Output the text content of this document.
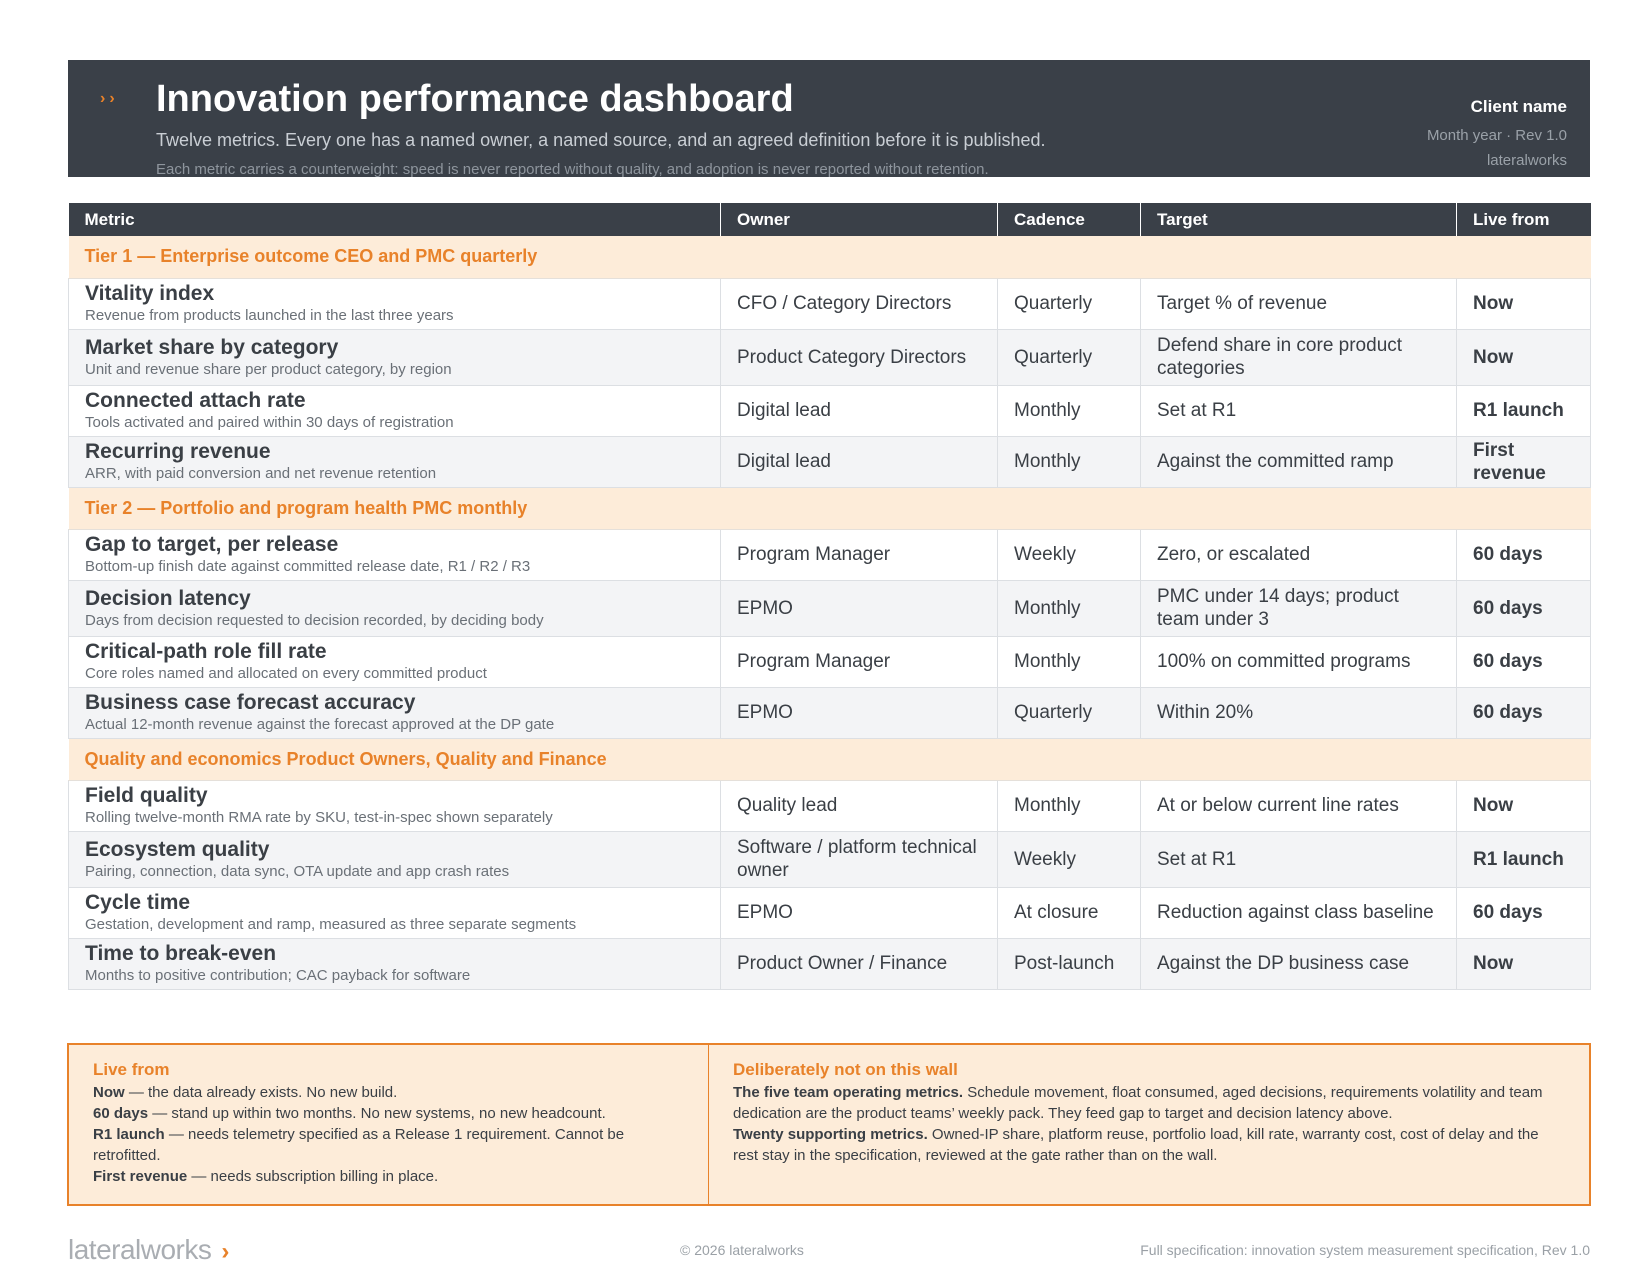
›​› Innovation performance dashboard
Twelve metrics. Every one has a named owner, a named source, and an agreed definition before it is published.
Each metric carries a counterweight: speed is never reported without quality, and adoption is never reported without retention.
Client name
Month year · Rev 1.0
lateralworks
Metric	Owner	Cadence	Target	Live from
Tier 1 — Enterprise outcome CEO and PMC quarterly				

Vitality index
Revenue from products launched in the last three years	CFO / Category Directors	Quarterly	Target % of revenue	Now

Market share by category
Unit and revenue share per product category, by region	Product Category Directors	Quarterly	Defend share in core product categories	Now

Connected attach rate
Tools activated and paired within 30 days of registration	Digital lead	Monthly	Set at R1	R1 launch

Recurring revenue
ARR, with paid conversion and net revenue retention	Digital lead	Monthly	Against the committed ramp	First revenue
Tier 2 — Portfolio and program health PMC monthly				

Gap to target, per release
Bottom-up finish date against committed release date, R1 / R2 / R3	Program Manager	Weekly	Zero, or escalated	60 days

Decision latency
Days from decision requested to decision recorded, by deciding body	EPMO	Monthly	PMC under 14 days; product team under 3	60 days

Critical-path role fill rate
Core roles named and allocated on every committed product	Program Manager	Monthly	100% on committed programs	60 days

Business case forecast accuracy
Actual 12-month revenue against the forecast approved at the DP gate	EPMO	Quarterly	Within 20%	60 days
Quality and economics Product Owners, Quality and Finance				

Field quality
Rolling twelve-month RMA rate by SKU, test-in-spec shown separately	Quality lead	Monthly	At or below current line rates	Now

Ecosystem quality
Pairing, connection, data sync, OTA update and app crash rates	Software / platform technical owner	Weekly	Set at R1	R1 launch

Cycle time
Gestation, development and ramp, measured as three separate segments	EPMO	At closure	Reduction against class baseline	60 days

Time to break-even
Months to positive contribution; CAC payback for software	Product Owner / Finance	Post-launch	Against the DP business case	Now
Live from
Now — the data already exists. No new build.
60 days — stand up within two months. No new systems, no new headcount.
R1 launch — needs telemetry specified as a Release 1 requirement. Cannot be retrofitted.
First revenue — needs subscription billing in place.
Deliberately not on this wall
The five team operating metrics. Schedule movement, float consumed, aged decisions, requirements volatility and team dedication are the product teams’ weekly pack. They feed gap to target and decision latency above.
Twenty supporting metrics. Owned-IP share, platform reuse, portfolio load, kill rate, warranty cost, cost of delay and the rest stay in the specification, reviewed at the gate rather than on the wall.
lateralworks ›	© 2026 lateralworks	Full specification: innovation system measurement specification, Rev 1.0
